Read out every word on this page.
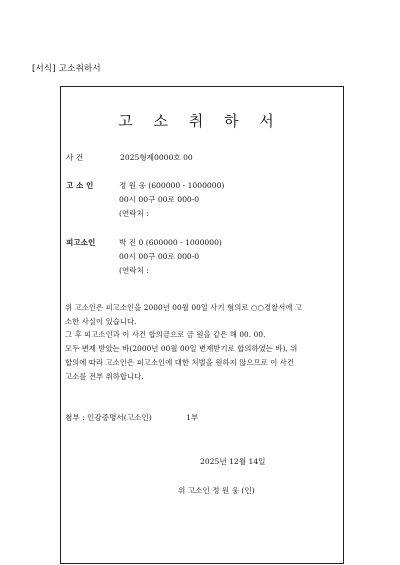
[서식] 고소취하서
고 소 취 하 서
사 건	2025형제0000호 00
고 소 인	정 원 웅 (600000 - 1000000)
00시 00구 00로 000-0
(연락처 :
피고소인	박 진 0 (600000 - 1000000)
00시 00구 00로 000-0
(연락처 :

위 고소인은 피고소인을 2000년 00월 00일 사기 혐의로 ○○경찰서에 고

소한 사실이 있습니다.

그 후 피고소인과 이 사건 합의금으로 금 원을 같은 해 00. 00.

모두 변제 받았는 바(2000년 00월 00일 변제받기로 합의하였는 바), 위

합의에 따라 고소인은 피고소인에 대한 처벌을 원하지 않으므로 이 사건

고소를 전부 취하합니다.

첨부 : 인감증명서(고소인)	1부
2025년 12월 14일
위 고소인 정 원 웅 (인)
